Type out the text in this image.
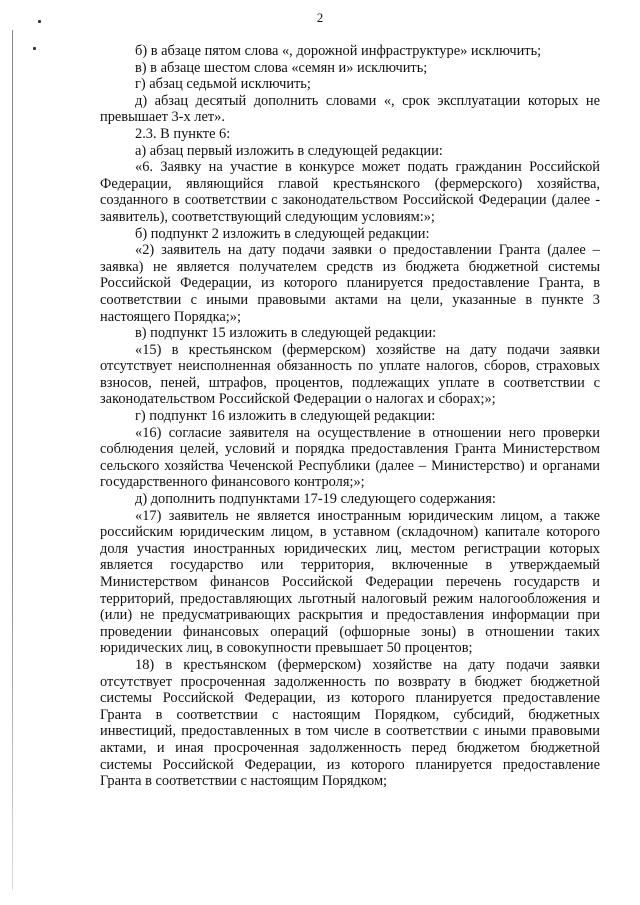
2

б) в абзаце пятом слова «, дорожной инфраструктуре» исключить;

в) в абзаце шестом слова «семян и» исключить;

г) абзац седьмой исключить;

д) абзац десятый дополнить словами «, срок эксплуатации которых не превышает 3-х лет».

2.3. В пункте 6:

а) абзац первый изложить в следующей редакции:

«6. Заявку на участие в конкурсе может подать гражданин Российской Федерации, являющийся главой крестьянского (фермерского) хозяйства, созданного в соответствии с законодательством Российской Федерации (далее - заявитель), соответствующий следующим условиям:»;

б) подпункт 2 изложить в следующей редакции:

«2) заявитель на дату подачи заявки о предоставлении Гранта (далее – заявка) не является получателем средств из бюджета бюджетной системы Российской Федерации, из которого планируется предоставление Гранта, в соответствии с иными правовыми актами на цели, указанные в пункте 3 настоящего Порядка;»;

в) подпункт 15 изложить в следующей редакции:

«15) в крестьянском (фермерском) хозяйстве на дату подачи заявки отсутствует неисполненная обязанность по уплате налогов, сборов, страховых взносов, пеней, штрафов, процентов, подлежащих уплате в соответствии с законодательством Российской Федерации о налогах и сборах;»;

г) подпункт 16 изложить в следующей редакции:

«16) согласие заявителя на осуществление в отношении него проверки соблюдения целей, условий и порядка предоставления Гранта Министерством сельского хозяйства Чеченской Республики (далее – Министерство) и органами государственного финансового контроля;»;

д) дополнить подпунктами 17-19 следующего содержания:

«17) заявитель не является иностранным юридическим лицом, а также российским юридическим лицом, в уставном (складочном) капитале которого доля участия иностранных юридических лиц, местом регистрации которых является государство или территория, включенные в утверждаемый Министерством финансов Российской Федерации перечень государств и территорий, предоставляющих льготный налоговый режим налогообложения и (или) не предусматривающих раскрытия и предоставления информации при проведении финансовых операций (офшорные зоны) в отношении таких юридических лиц, в совокупности превышает 50 процентов;

18) в крестьянском (фермерском) хозяйстве на дату подачи заявки отсутствует просроченная задолженность по возврату в бюджет бюджетной системы Российской Федерации, из которого планируется предоставление Гранта в соответствии с настоящим Порядком, субсидий, бюджетных инвестиций, предоставленных в том числе в соответствии с иными правовыми актами, и иная просроченная задолженность перед бюджетом бюджетной системы Российской Федерации, из которого планируется предоставление Гранта в соответствии с настоящим Порядком;
